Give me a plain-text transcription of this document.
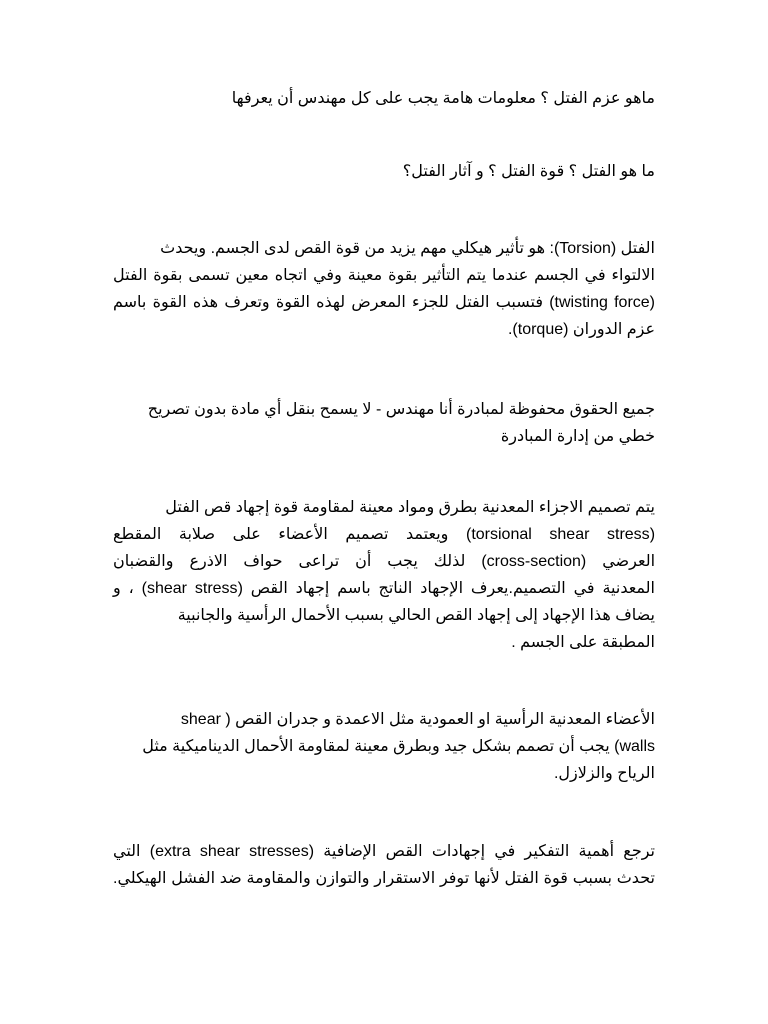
ماهو عزم الفتل ؟ معلومات هامة يجب على كل مهندس أن يعرفها
ما هو الفتل ؟ قوة الفتل ؟ و آثار الفتل؟
الفتل (Torsion): هو تأثير هيكلي مهم يزيد من قوة القص لدى الجسم. ويحدث
الالتواء في الجسم عندما يتم التأثير بقوة معينة وفي اتجاه معين تسمى بقوة الفتل
(twisting force) فتسبب الفتل للجزء المعرض لهذه القوة وتعرف هذه القوة باسم
عزم الدوران (torque).
جميع الحقوق محفوظة لمبادرة أنا مهندس - لا يسمح بنقل أي مادة بدون تصريح
خطي من إدارة المبادرة
يتم تصميم الاجزاء المعدنية بطرق ومواد معينة لمقاومة قوة إجهاد قص الفتل
(torsional shear stress) ويعتمد تصميم الأعضاء على صلابة المقطع
العرضي (cross-section) لذلك يجب أن تراعى حواف الاذرع والقضبان
المعدنية في التصميم.يعرف الإجهاد الناتج باسم إجهاد القص (shear stress) ، و
يضاف هذا الإجهاد إلى إجهاد القص الحالي بسبب الأحمال الرأسية والجانبية
المطبقة على الجسم .
الأعضاء المعدنية الرأسية او العمودية مثل الاعمدة و جدران القص ( shear
walls) يجب أن تصمم بشكل جيد وبطرق معينة لمقاومة الأحمال الديناميكية مثل
الرياح والزلازل.
ترجع أهمية التفكير في إجهادات القص الإضافية (extra shear stresses) التي
تحدث بسبب قوة الفتل لأنها توفر الاستقرار والتوازن والمقاومة ضد الفشل الهيكلي.
